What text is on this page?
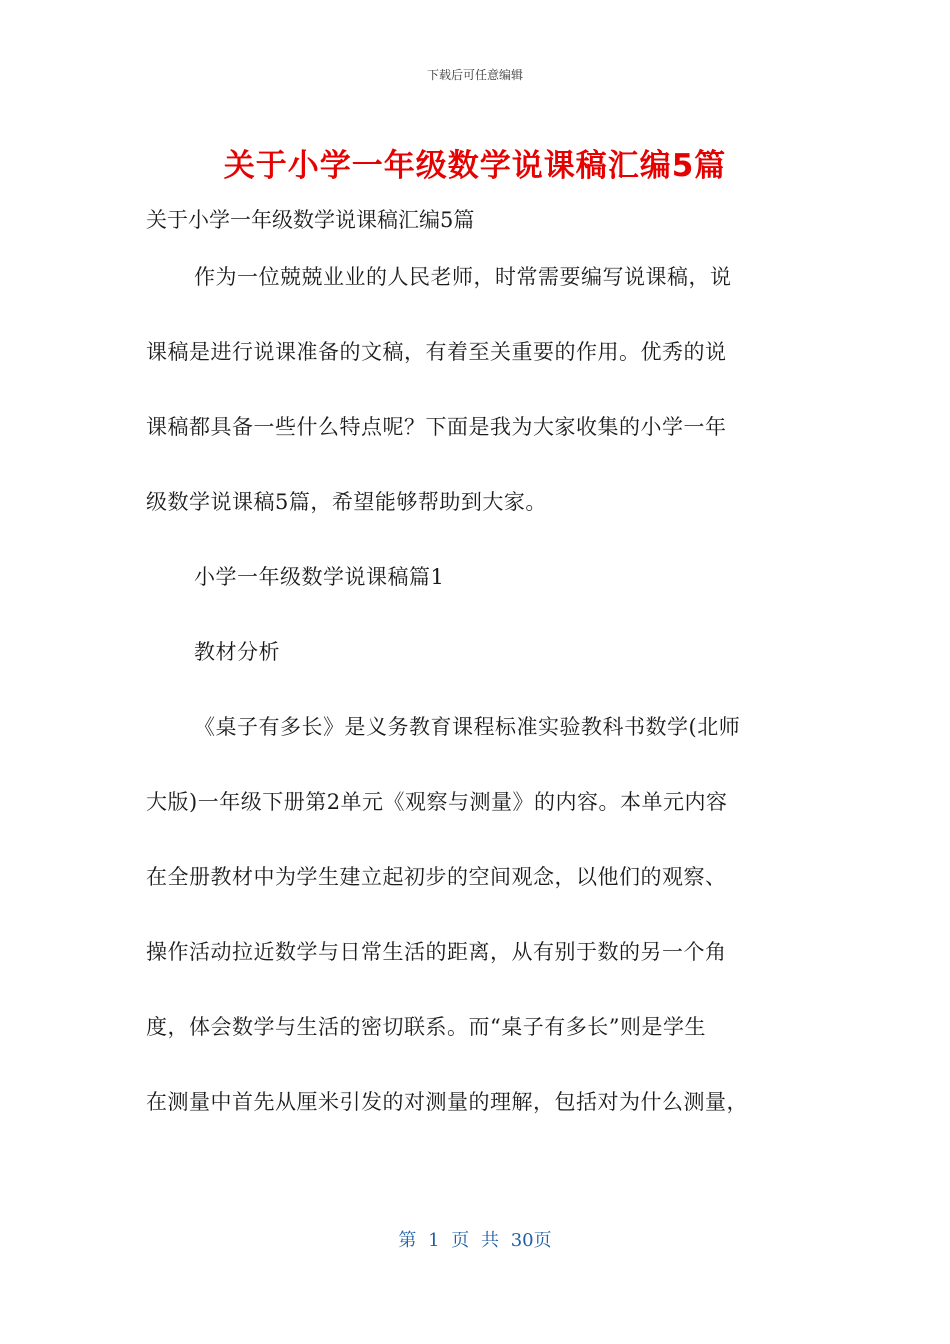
下载后可任意编辑
关于小学一年级数学说课稿汇编5篇
关于小学一年级数学说课稿汇编5篇
作为一位兢兢业业的人民老师，时常需要编写说课稿，说
课稿是进行说课准备的文稿，有着至关重要的作用。优秀的说
课稿都具备一些什么特点呢？下面是我为大家收集的小学一年
级数学说课稿5篇，希望能够帮助到大家。
小学一年级数学说课稿篇1
教材分析
《桌子有多长》是义务教育课程标准实验教科书数学(北师
大版)一年级下册第2单元《观察与测量》的内容。本单元内容
在全册教材中为学生建立起初步的空间观念，以他们的观察、
操作活动拉近数学与日常生活的距离，从有别于数的另一个角
度，体会数学与生活的密切联系。而“桌子有多长”则是学生
在测量中首先从厘米引发的对测量的理解，包括对为什么测量，
第 1 页 共 30页
